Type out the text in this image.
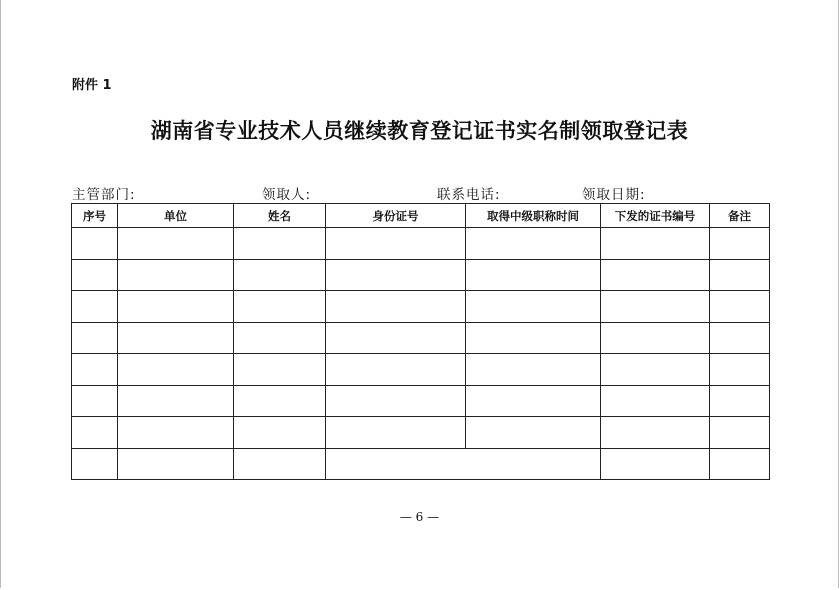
附件 1
湖南省专业技术人员继续教育登记证书实名制领取登记表
主管部门:	领取人:	联系电话:	领取日期:
序号	单位	姓名	身份证号	取得中级职称时间	下发的证书编号	备注

— 6 —
